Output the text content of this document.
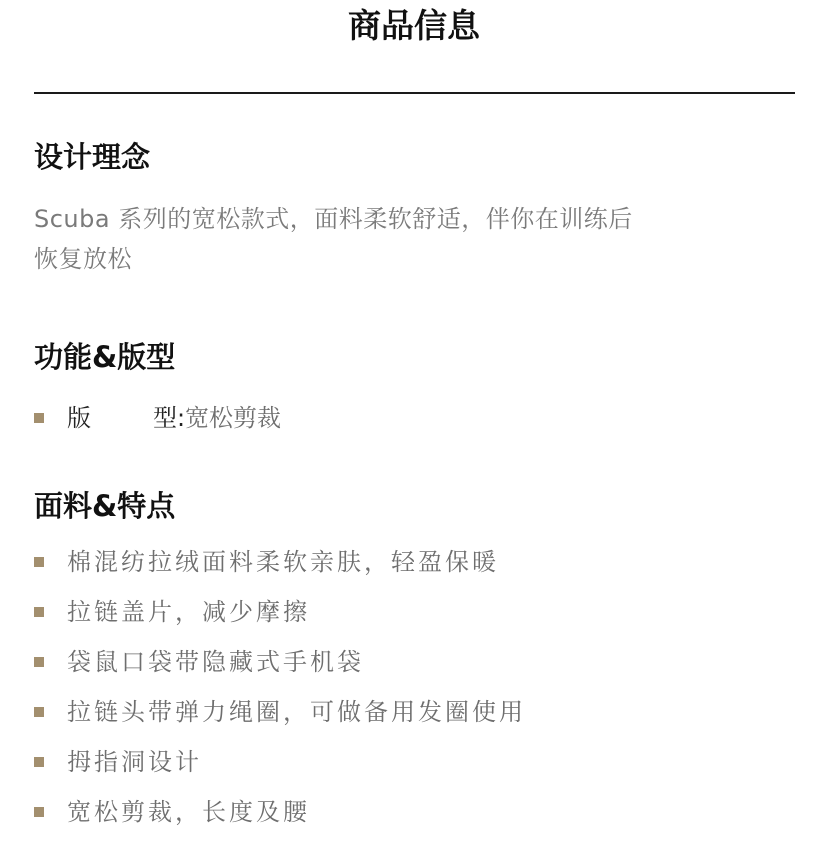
商品信息
设计理念
Scuba 系列的宽松款式，面料柔软舒适，伴你在训练后
恢复放松
功能&版型
版	型:宽松剪裁
面料&特点
棉混纺拉绒面料柔软亲肤，轻盈保暖
拉链盖片，减少摩擦
袋鼠口袋带隐藏式手机袋
拉链头带弹力绳圈，可做备用发圈使用
拇指洞设计
宽松剪裁，长度及腰
